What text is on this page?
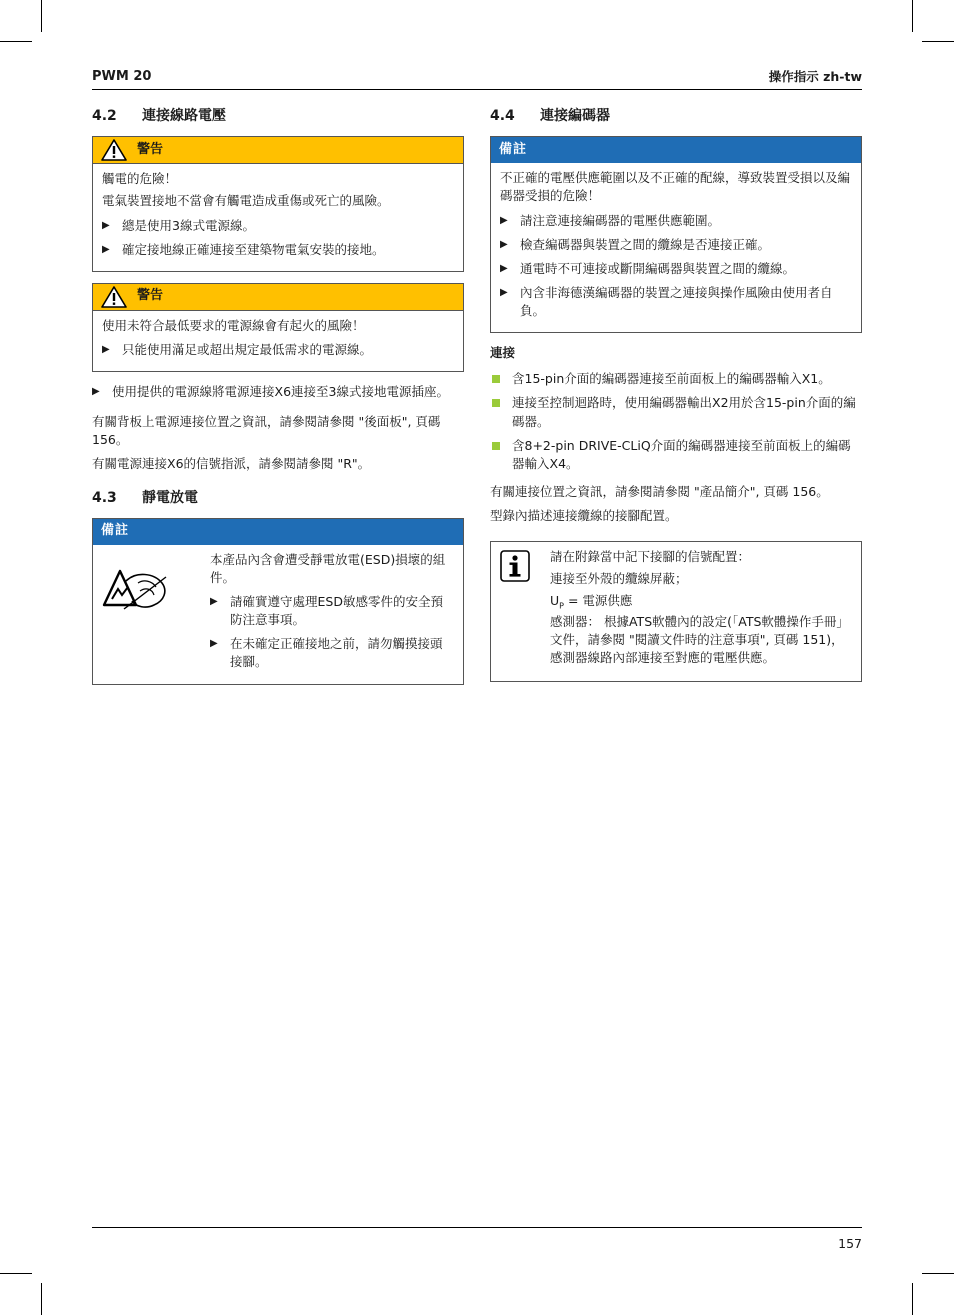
PWM 20	操作指示 zh-tw
4.2	連接線路電壓
警告

觸電的危險！

電氣裝置接地不當會有觸電造成重傷或死亡的風險。

▶ 總是使用3線式電源線。
▶ 確定接地線正確連接至建築物電氣安裝的接地。
警告

使用未符合最低要求的電源線會有起火的風險！

▶ 只能使用滿足或超出規定最低需求的電源線。
▶ 使用提供的電源線將電源連接X6連接至3線式接地電源插座。

有關背板上電源連接位置之資訊，請參閱請參閱 "後面板", 頁碼 156。

有關電源連接X6的信號指派，請參閱請參閱 "R"。

4.3	靜電放電
備註

本產品內含會遭受靜電放電(ESD)損壞的組件。

▶ 請確實遵守處理ESD敏感零件的安全預防注意事項。
▶ 在未確定正確接地之前，請勿觸摸接頭接腳。
4.4	連接編碼器
備註

不正確的電壓供應範圍以及不正確的配線，導致裝置受損以及編碼器受損的危險！

▶ 請注意連接編碼器的電壓供應範圍。
▶ 檢查編碼器與裝置之間的纜線是否連接正確。
▶ 通電時不可連接或斷開編碼器與裝置之間的纜線。
▶ 內含非海德漢編碼器的裝置之連接與操作風險由使用者自負。
連接
含15-pin介面的編碼器連接至前面板上的編碼器輸入X1。
連接至控制迴路時，使用編碼器輸出X2用於含15-pin介面的編碼器。
含8+2-pin DRIVE-CLiQ介面的編碼器連接至前面板上的編碼器輸入X4。

有關連接位置之資訊，請參閱請參閱 "產品簡介", 頁碼 156。

型錄內描述連接纜線的接腳配置。

請在附錄當中記下接腳的信號配置：

連接至外殼的纜線屏蔽；

$U_P$ = 電源供應

感測器： 根據ATS軟體內的設定(「ATS軟體操作手冊」文件，請參閱 "閱讀文件時的注意事項", 頁碼 151)，感測器線路內部連接至對應的電壓供應。

157
